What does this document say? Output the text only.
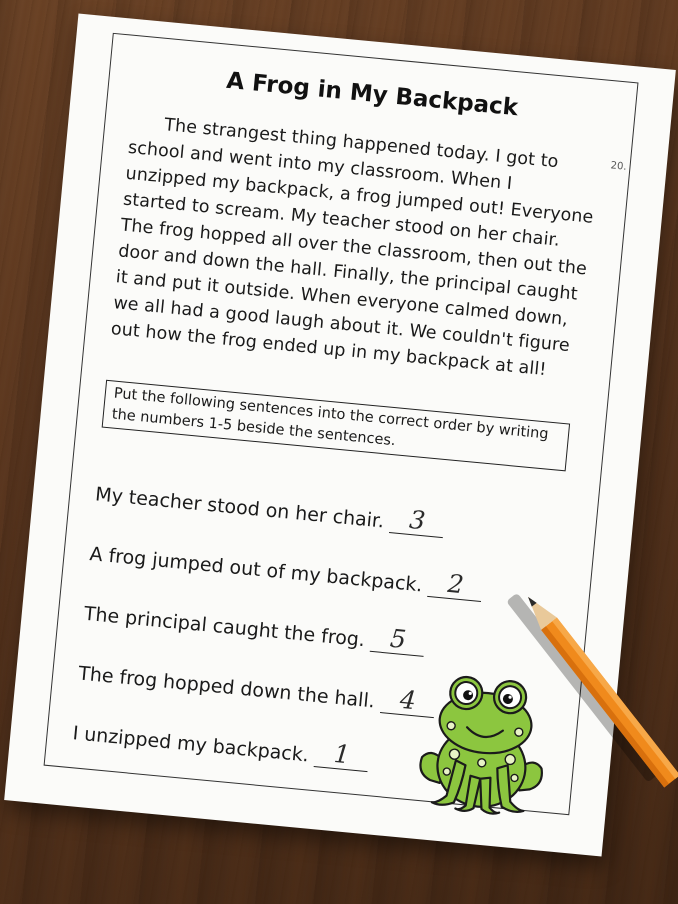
20.
A Frog in My Backpack

The strangest thing happened today. I got to school and went into my classroom. When I unzipped my backpack, a frog jumped out! Everyone started to scream. My teacher stood on her chair. The frog hopped all over the classroom, then out the door and down the hall. Finally, the principal caught it and put it outside. When everyone calmed down, we all had a good laugh about it. We couldn't figure out how the frog ended up in my backpack at all!

Put the following sentences into the correct order by writing the numbers 1-5 beside the sentences.
My teacher stood on her chair. 3
A frog jumped out of my backpack. 2
The principal caught the frog. 5
The frog hopped down the hall. 4
I unzipped my backpack. 1
